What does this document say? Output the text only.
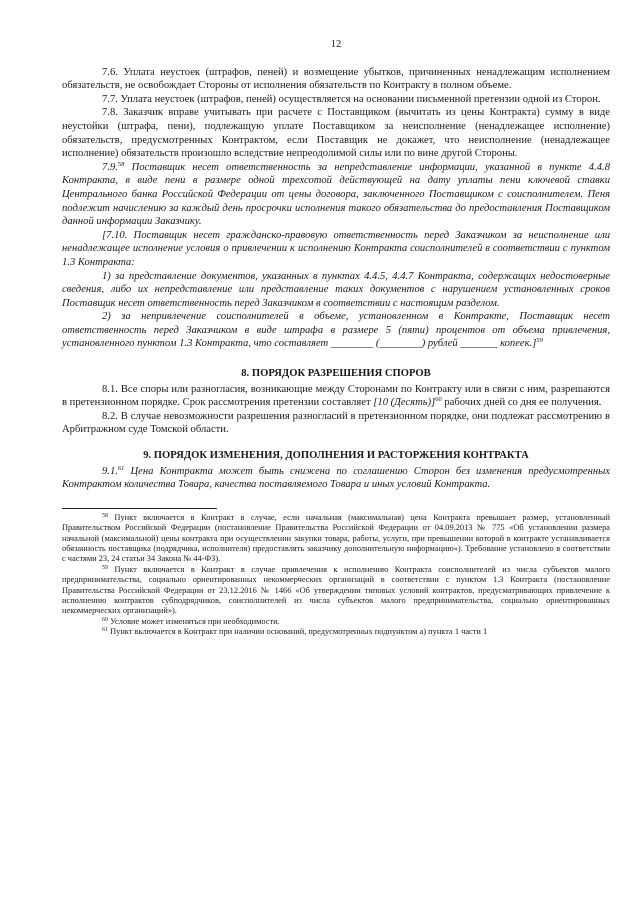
12

7.6. Уплата неустоек (штрафов, пеней) и возмещение убытков, причиненных ненадлежащим исполнением обязательств, не освобождает Стороны от исполнения обязательств по Контракту в полном объеме.

7.7. Уплата неустоек (штрафов, пеней) осуществляется на основании письменной претензии одной из Сторон.

7.8. Заказчик вправе учитывать при расчете с Поставщиком (вычитать из цены Контракта) сумму в виде неустойки (штрафа, пени), подлежащую уплате Поставщиком за неисполнение (ненадлежащее исполнение) обязательств, предусмотренных Контрактом, если Поставщик не докажет, что неисполнение (ненадлежащее исполнение) обязательств произошло вследствие непреодолимой силы или по вине другой Стороны.

7.9.58 Поставщик несет ответственность за непредставление информации, указанной в пункте 4.4.8 Контракта, в виде пени в размере одной трехсотой действующей на дату уплаты пени ключевой ставки Центрального банка Российской Федерации от цены договора, заключенного Поставщиком с соисполнителем. Пеня подлежит начислению за каждый день просрочки исполнения такого обязательства до предоставления Поставщиком данной информации Заказчику.

[7.10. Поставщик несет гражданско-правовую ответственность перед Заказчиком за неисполнение или ненадлежащее исполнение условия о привлечении к исполнению Контракта соисполнителей в соответствии с пунктом 1.3 Контракта:

1) за представление документов, указанных в пунктах 4.4.5, 4.4.7 Контракта, содержащих недостоверные сведения, либо их непредставление или представление таких документов с нарушением установленных сроков Поставщик несет ответственность перед Заказчиком в соответствии с настоящим разделом.

2) за непривлечение соисполнителей в объеме, установленном в Контракте, Поставщик несет ответственность перед Заказчиком в виде штрафа в размере 5 (пяти) процентов от объема привлечения, установленного пунктом 1.3 Контракта, что составляет ________ (________) рублей _______ копеек.]$^{59}$

8. ПОРЯДОК РАЗРЕШЕНИЯ СПОРОВ

8.1. Все споры или разногласия, возникающие между Сторонами по Контракту или в связи с ним, разрешаются в претензионном порядке. Срок рассмотрения претензии составляет [10 (Десять)]$^{60}$ рабочих дней со дня ее получения.

8.2. В случае невозможности разрешения разногласий в претензионном порядке, они подлежат рассмотрению в Арбитражном суде Томской области.

9. ПОРЯДОК ИЗМЕНЕНИЯ, ДОПОЛНЕНИЯ И РАСТОРЖЕНИЯ КОНТРАКТА

9.1.61 Цена Контракта может быть снижена по соглашению Сторон без изменения предусмотренных Контрактом количества Товара, качества поставляемого Товара и иных условий Контракта.

$^{58}$ Пункт включается в Контракт в случае, если начальная (максимальная) цена Контракта превышает размер, установленный Правительством Российской Федерации (постановление Правительства Российской Федерации от 04.09.2013 № 775 «Об установлении размера начальной (максимальной) цены контракта при осуществлении закупки товара, работы, услуги, при превышении которой в контракте устанавливается обязанность поставщика (подрядчика, исполнителя) предоставлять заказчику дополнительную информацию»). Требование установлено в соответствии с частями 23, 24 статьи 34 Закона № 44-ФЗ).
$^{59}$ Пункт включается в Контракт в случае привлечения к исполнению Контракта соисполнителей из числа субъектов малого предпринимательства, социально ориентированных некоммерческих организаций в соответствии с пунктом 1.3 Контракта (постановление Правительства Российской Федерации от 23.12.2016 № 1466 «Об утверждении типовых условий контрактов, предусматривающих привлечение к исполнению контрактов субподрядчиков, соисполнителей из числа субъектов малого предпринимательства, социально ориентированных некоммерческих организаций»).
$^{60}$ Условие может изменяться при необходимости.
$^{61}$ Пункт включается в Контракт при наличии оснований, предусмотренных подпунктом а) пункта 1 части 1
